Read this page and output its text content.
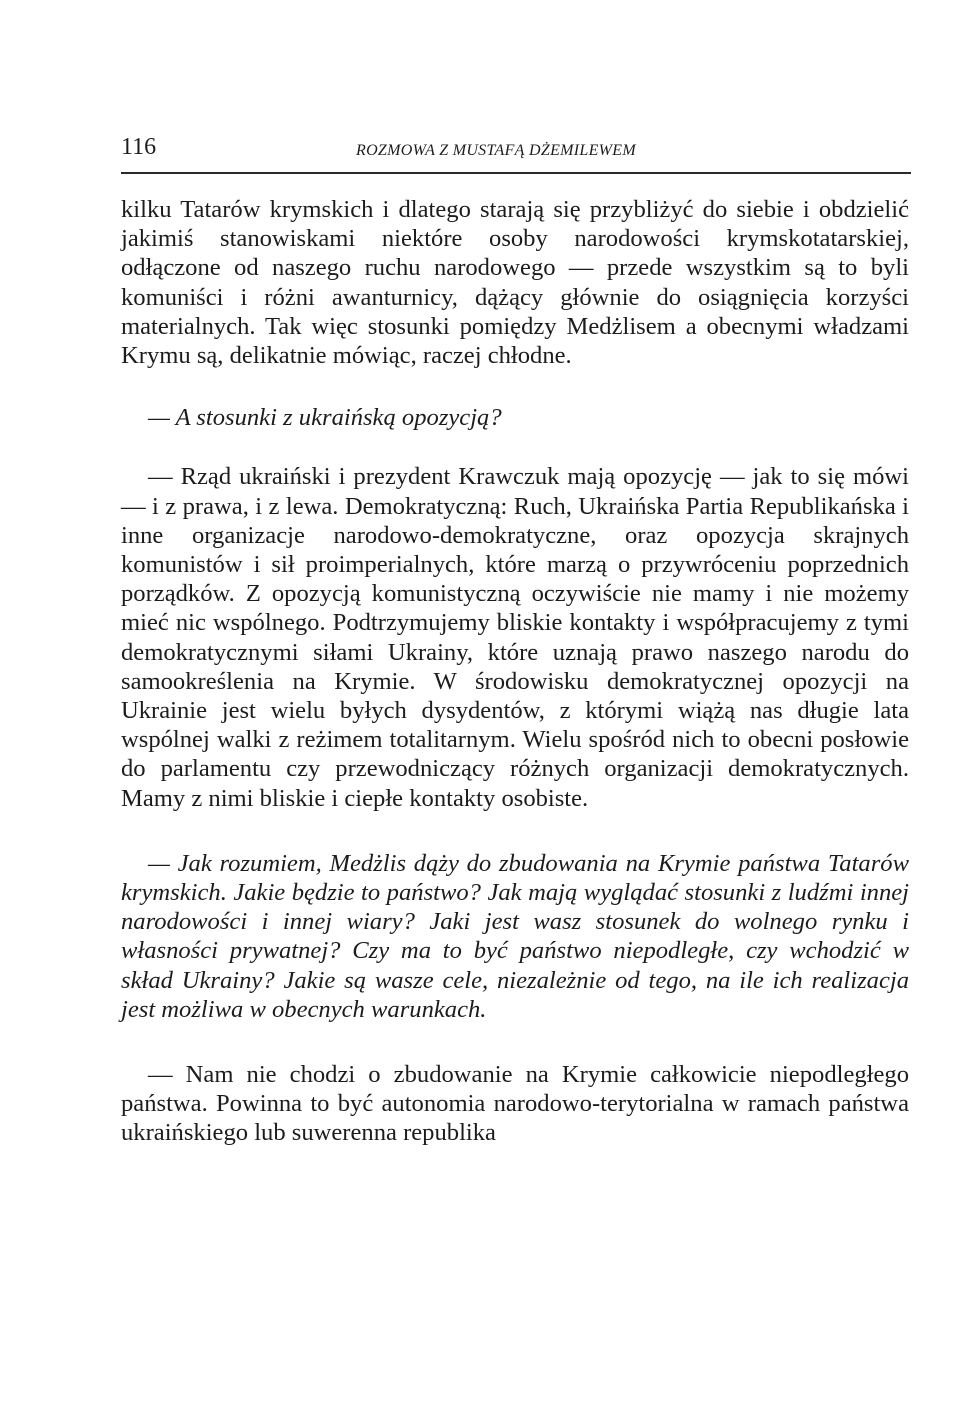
116	ROZMOWA Z MUSTAFĄ DŻEMILEWEM

kilku Tatarów krymskich i dlatego starają się przybliżyć do siebie i obdzielić jakimiś stanowiskami niektóre osoby narodowości krymskotatarskiej, odłączone od naszego ruchu narodowego — przede wszystkim są to byli komuniści i różni awanturnicy, dążący głównie do osiągnięcia korzyści materialnych. Tak więc stosunki pomiędzy Medżlisem a obecnymi władzami Krymu są, delikatnie mówiąc, raczej chłodne.

— A stosunki z ukraińską opozycją?

— Rząd ukraiński i prezydent Krawczuk mają opozycję — jak to się mówi — i z prawa, i z lewa. Demokratyczną: Ruch, Ukraińska Partia Republikańska i inne organizacje narodowo-demokratyczne, oraz opozycja skrajnych komunistów i sił proimperialnych, które marzą o przywróceniu poprzednich porządków. Z opozycją komunistyczną oczywiście nie mamy i nie możemy mieć nic wspólnego. Podtrzymujemy bliskie kontakty i współpracujemy z tymi demokratycznymi siłami Ukrainy, które uznają prawo naszego narodu do samookreślenia na Krymie. W środowisku demokratycznej opozycji na Ukrainie jest wielu byłych dysydentów, z którymi wiążą nas długie lata wspólnej walki z reżimem totalitarnym. Wielu spośród nich to obecni posłowie do parlamentu czy przewodniczący różnych organizacji demokratycznych. Mamy z nimi bliskie i ciepłe kontakty osobiste.

— Jak rozumiem, Medżlis dąży do zbudowania na Krymie państwa Tatarów krymskich. Jakie będzie to państwo? Jak mają wyglądać stosunki z ludźmi innej narodowości i innej wiary? Jaki jest wasz stosunek do wolnego rynku i własności prywatnej? Czy ma to być państwo niepodległe, czy wchodzić w skład Ukrainy? Jakie są wasze cele, niezależnie od tego, na ile ich realizacja jest możliwa w obecnych warunkach.

— Nam nie chodzi o zbudowanie na Krymie całkowicie niepodległego państwa. Powinna to być autonomia narodowo-terytorialna w ramach państwa ukraińskiego lub suwerenna republika
